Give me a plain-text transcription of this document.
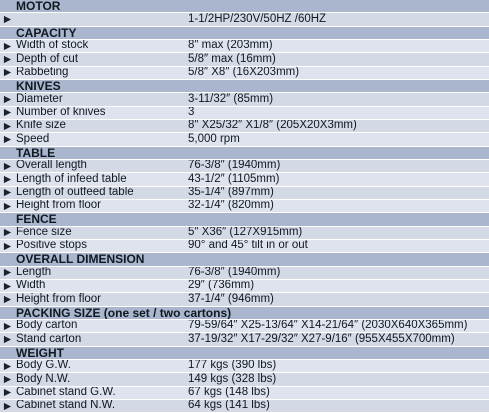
MOTOR
1-1/2HP/230V/50HZ /60HZ
CAPACITY
Width of stock	8″ max (203mm)
Depth of cut	5/8″ max (16mm)
Rabbeting	5/8″ X8″ (16X203mm)
KNIVES
Diameter	3-11/32″ (85mm)
Number of knives	3
Knife size	8″ X25/32″ X1/8″ (205X20X3mm)
Speed	5,000 rpm
TABLE
Overall length	76-3/8″ (1940mm)
Length of infeed table	43-1/2″ (1105mm)
Length of outfeed table	35-1/4″ (897mm)
Height from floor	32-1/4″ (820mm)
FENCE
Fence size	5″ X36″ (127X915mm)
Positive stops	90° and 45° tilt in or out
OVERALL DIMENSION
Length	76-3/8″ (1940mm)
Width	29″ (736mm)
Height from floor	37-1/4″ (946mm)
PACKING SIZE (one set / two cartons)
Body carton	79-59/64″ X25-13/64″ X14-21/64″ (2030X640X365mm)
Stand carton	37-19/32″ X17-29/32″ X27-9/16″ (955X455X700mm)
WEIGHT
Body G.W.	177 kgs (390 lbs)
Body N.W.	149 kgs (328 lbs)
Cabinet stand G.W.	67 kgs (148 lbs)
Cabinet stand N.W.	64 kgs (141 lbs)
